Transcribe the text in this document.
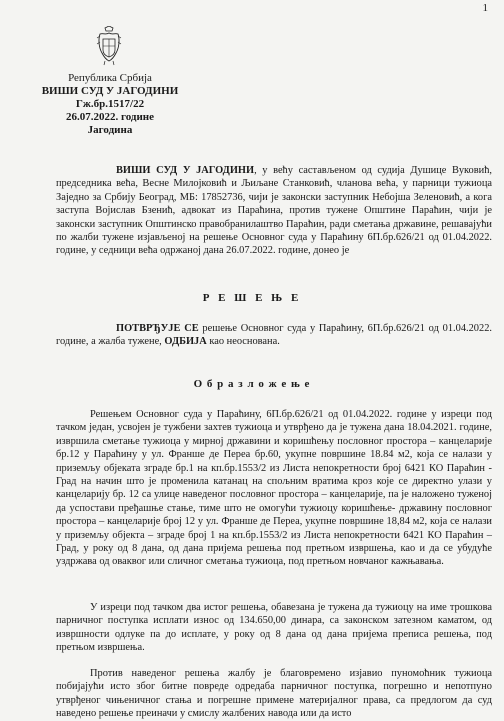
1
Република Србија
ВИШИ СУД У ЈАГОДИНИ
Гж.бр.1517/22
26.07.2022. године
Јагодина
ВИШИ СУД У ЈАГОДИНИ, у већу састављеном од судија Душице Вуковић, председника већа, Весне Милојковић и Љиљане Станковић, чланова већа, у парници тужиоца Заједно за Србију Београд, МБ: 17852736, чији је законски заступник Небојша Зеленовић, а кога заступа Војислав Бзенић, адвокат из Параћина, против тужене Општине Параћин, чији је законски заступник Општинско правобранилаштво Параћин, ради сметања државине, решавајући по жалби тужене изјављеној на решење Основног суда у Параћину 6П.бр.626/21 од 01.04.2022. године, у седници већа одржаној дана 26.07.2022. године, донео је
Р Е Ш Е Њ Е
ПОТВРЂУЈЕ СЕ решење Основног суда у Параћину, 6П.бр.626/21 од 01.04.2022. године, а жалба тужене, ОДБИЈА као неоснована.
О б р а з л о ж е њ е
Решењем Основног суда у Параћину, 6П.бр.626/21 од 01.04.2022. године у изреци под тачком један, усвојен је тужбени захтев тужиоца и утврђено да је тужена дана 18.04.2021. године, извршила сметање тужиоца у мирној државини и коришћењу пословног простора – канцеларије бр.12 у Параћину у ул. Франше де Переа бр.60, укупне површине 18.84 м2, која се налази у приземљу објеката зграде бр.1 на кп.бр.1553/2 из Листа непокретности број 6421 КО Параћин - Град на начин што је променила катанац на спољним вратима кроз које се директно улази у канцеларију бр. 12 са улице наведеног пословног простора – канцеларије, па је наложено туженој да успостави пређашње стање, тиме што не омогући тужиоцу коришћење- државину пословног простора – канцеларије број 12 у ул. Франше де Переа, укупне површине 18,84 м2, која се налази у приземљу објекта – зграде број 1 на кп.бр.1553/2 из Листа непокретности 6421 КО Параћин – Град, у року од 8 дана, од дана пријема решења под претњом извршења, као и да се убудуће уздржава од оваквог или сличног сметања тужиоца, под претњом новчаног кажњавања.
У изреци под тачком два истог решења, обавезана је тужена да тужиоцу на име трошкова парничног поступка исплати износ од 134.650,00 динара, са законском затезном каматом, од извршности одлуке па до исплате, у року од 8 дана од дана пријема преписа решења, под претњом извршења.
Против наведеног решења жалбу је благовремено изјавио пуномоћник тужиоца побијајући исто због битне повреде одредаба парничног поступка, погрешно и непотпуно утврђеног чињеничног стања и погрешне примене материјалног права, са предлогом да суд наведено решење преиначи у смислу жалбених навода или да исто
